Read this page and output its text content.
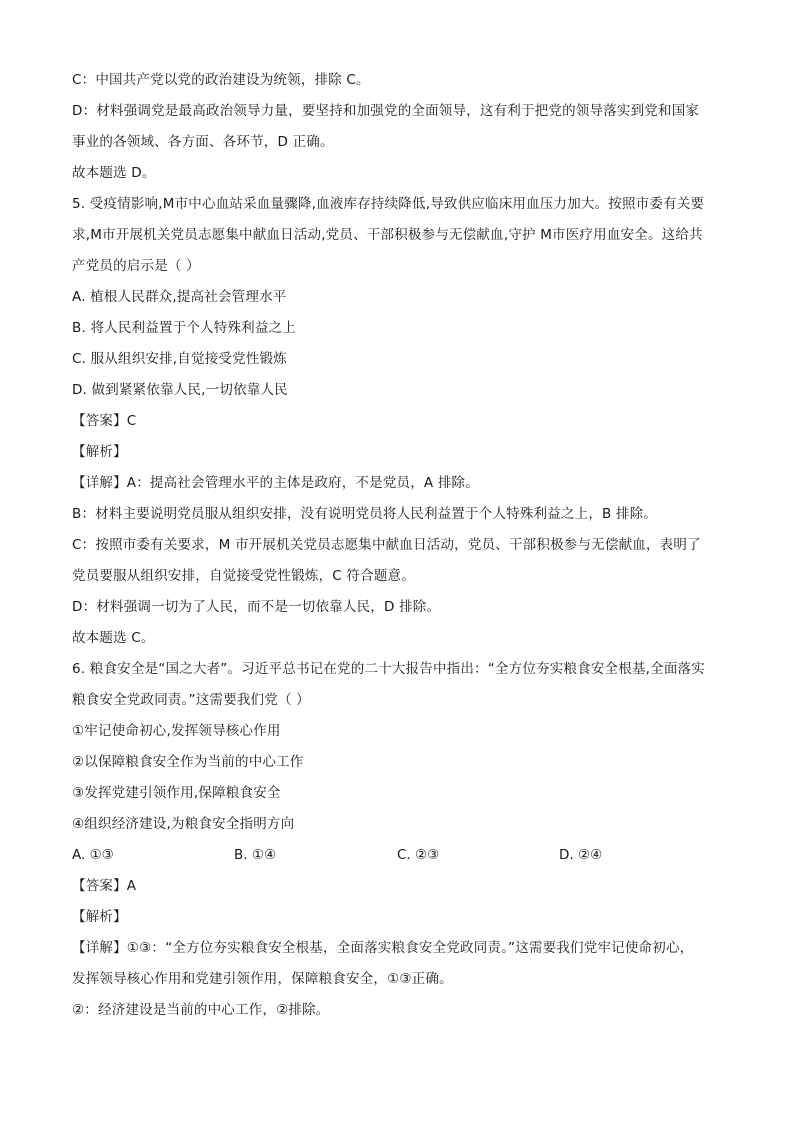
C：中国共产党以党的政治建设为统领，排除 C。
D：材料强调党是最高政治领导力量，要坚持和加强党的全面领导，这有利于把党的领导落实到党和国家
事业的各领域、各方面、各环节，D 正确。
故本题选 D。
5. 受疫情影响,M市中心血站采血量骤降,血液库存持续降低,导致供应临床用血压力加大。按照市委有关要
求,M市开展机关党员志愿集中献血日活动,党员、干部积极参与无偿献血,守护 M市医疗用血安全。这给共
产党员的启示是（ ）
A. 植根人民群众,提高社会管理水平
B. 将人民利益置于个人特殊利益之上
C. 服从组织安排,自觉接受党性锻炼
D. 做到紧紧依靠人民,一切依靠人民
【答案】C
【解析】
【详解】A：提高社会管理水平的主体是政府，不是党员，A 排除。
B：材料主要说明党员服从组织安排，没有说明党员将人民利益置于个人特殊利益之上，B 排除。
C：按照市委有关要求，M 市开展机关党员志愿集中献血日活动，党员、干部积极参与无偿献血，表明了
党员要服从组织安排，自觉接受党性锻炼，C 符合题意。
D：材料强调一切为了人民，而不是一切依靠人民，D 排除。
故本题选 C。
6. 粮食安全是“国之大者”。习近平总书记在党的二十大报告中指出：“全方位夯实粮食安全根基,全面落实
粮食安全党政同责。”这需要我们党（ ）
①牢记使命初心,发挥领导核心作用
②以保障粮食安全作为当前的中心工作
③发挥党建引领作用,保障粮食安全
④组织经济建设,为粮食安全指明方向
A. ①③	B. ①④	C. ②③	D. ②④
【答案】A
【解析】
【详解】①③：“全方位夯实粮食安全根基，全面落实粮食安全党政同责。”这需要我们党牢记使命初心，
发挥领导核心作用和党建引领作用，保障粮食安全，①③正确。
②：经济建设是当前的中心工作，②排除。
